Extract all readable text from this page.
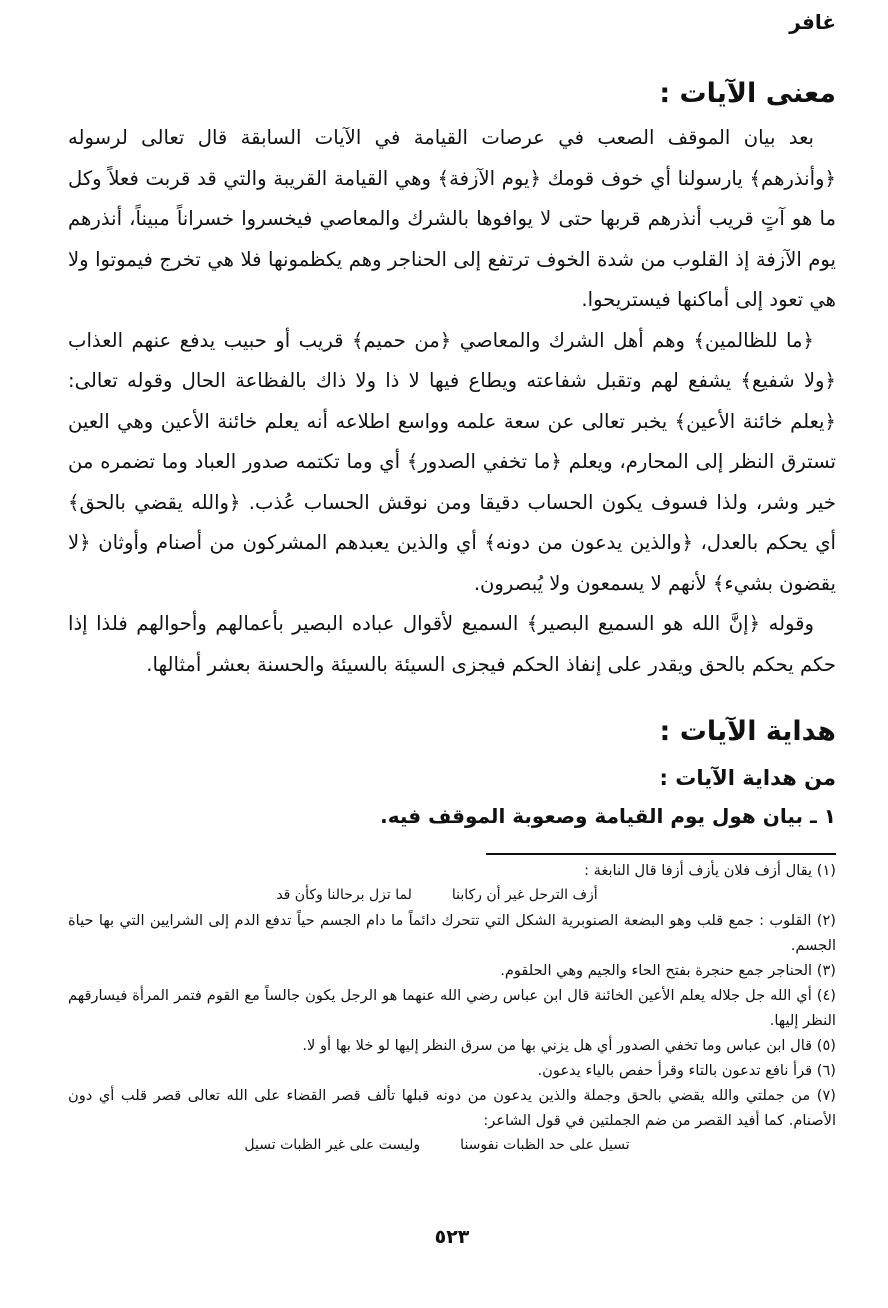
غافر
معنى الآيات :

بعد بيان الموقف الصعب في عرصات القيامة في الآيات السابقة قال تعالى لرسوله ﴿وأنذرهم﴾ يارسولنا أي خوف قومك ﴿يوم الآزفة﴾ وهي القيامة القريبة والتي قد قربت فعلاً وكل ما هو آتٍ قريب أنذرهم قربها حتى لا يوافوها بالشرك والمعاصي فيخسروا خسراناً مبيناً، أنذرهم يوم الآزفة إذ القلوب من شدة الخوف ترتفع إلى الحناجر وهم يكظمونها فلا هي تخرج فيموتوا ولا هي تعود إلى أماكنها فيستريحوا.

﴿ما للظالمين﴾ وهم أهل الشرك والمعاصي ﴿من حميم﴾ قريب أو حبيب يدفع عنهم العذاب ﴿ولا شفيع﴾ يشفع لهم وتقبل شفاعته ويطاع فيها لا ذا ولا ذاك بالفظاعة الحال وقوله تعالى: ﴿يعلم خائنة الأعين﴾ يخبر تعالى عن سعة علمه وواسع اطلاعه أنه يعلم خائنة الأعين وهي العين تسترق النظر إلى المحارم، ويعلم ﴿ما تخفي الصدور﴾ أي وما تكتمه صدور العباد وما تضمره من خير وشر، ولذا فسوف يكون الحساب دقيقا ومن نوقش الحساب عُذب. ﴿والله يقضي بالحق﴾ أي يحكم بالعدل، ﴿والذين يدعون من دونه﴾ أي والذين يعبدهم المشركون من أصنام وأوثان ﴿لا يقضون بشيء﴾ لأنهم لا يسمعون ولا يُبصرون.

وقوله ﴿إنَّ الله هو السميع البصير﴾ السميع لأقوال عباده البصير بأعمالهم وأحوالهم فلذا إذا حكم يحكم بالحق ويقدر على إنفاذ الحكم فيجزى السيئة بالسيئة والحسنة بعشر أمثالها.

هداية الآيات :
من هداية الآيات :
١ ـ بيان هول يوم القيامة وصعوبة الموقف فيه.
(١) يقال أزف فلان يأزف أزفا قال النابغة :
أزف الترحل غير أن ركابنا
لما تزل برحالنا وكأن قد
(٢) القلوب : جمع قلب وهو البضعة الصنوبرية الشكل التي تتحرك دائماً ما دام الجسم حياً تدفع الدم إلى الشرايين التي بها حياة الجسم.
(٣) الحناجر جمع حنجرة بفتح الحاء والجيم وهي الحلقوم.
(٤) أي الله جل جلاله يعلم الأعين الخائنة قال ابن عباس رضي الله عنهما هو الرجل يكون جالساً مع القوم فتمر المرأة فيسارقهم النظر إليها.
(٥) قال ابن عباس وما تخفي الصدور أي هل يزني بها من سرق النظر إليها لو خلا بها أو لا.
(٦) قرأ نافع تدعون بالتاء وقرأ حفص بالياء يدعون.
(٧) من جملتي والله يقضي بالحق وجملة والذين يدعون من دونه قبلها تألف قصر القضاء على الله تعالى قصر قلب أي دون الأصنام. كما أفيد القصر من ضم الجملتين في قول الشاعر:
تسيل على حد الظبات نفوسنا
وليست على غير الظبات تسيل
٥٢٣
